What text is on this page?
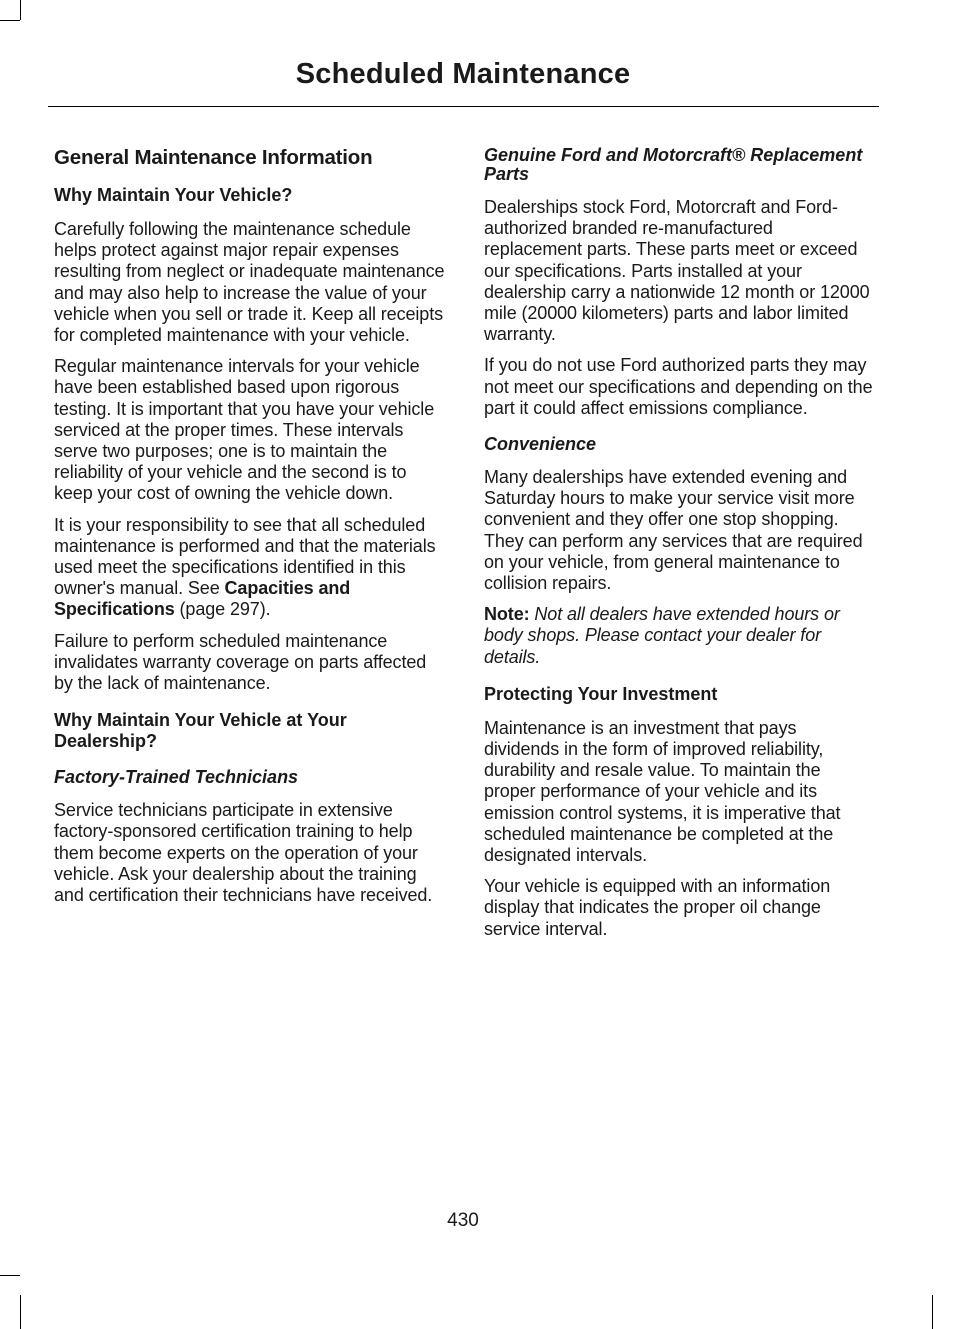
Scheduled Maintenance
General Maintenance Information
Why Maintain Your Vehicle?

Carefully following the maintenance schedule helps protect against major repair expenses resulting from neglect or inadequate maintenance and may also help to increase the value of your vehicle when you sell or trade it. Keep all receipts for completed maintenance with your vehicle.

Regular maintenance intervals for your vehicle have been established based upon rigorous testing. It is important that you have your vehicle serviced at the proper times. These intervals serve two purposes; one is to maintain the reliability of your vehicle and the second is to keep your cost of owning the vehicle down.

It is your responsibility to see that all scheduled maintenance is performed and that the materials used meet the specifications identified in this owner's manual. See Capacities and Specifications (page 297).

Failure to perform scheduled maintenance invalidates warranty coverage on parts affected by the lack of maintenance.

Why Maintain Your Vehicle at Your Dealership?
Factory-Trained Technicians

Service technicians participate in extensive factory-sponsored certification training to help them become experts on the operation of your vehicle. Ask your dealership about the training and certification their technicians have received.

Genuine Ford and Motorcraft® Replacement Parts

Dealerships stock Ford, Motorcraft and Ford-authorized branded re-manufactured replacement parts. These parts meet or exceed our specifications. Parts installed at your dealership carry a nationwide 12 month or 12000 mile (20000 kilometers) parts and labor limited warranty.

If you do not use Ford authorized parts they may not meet our specifications and depending on the part it could affect emissions compliance.

Convenience

Many dealerships have extended evening and Saturday hours to make your service visit more convenient and they offer one stop shopping. They can perform any services that are required on your vehicle, from general maintenance to collision repairs.

Note: Not all dealers have extended hours or body shops. Please contact your dealer for details.

Protecting Your Investment

Maintenance is an investment that pays dividends in the form of improved reliability, durability and resale value. To maintain the proper performance of your vehicle and its emission control systems, it is imperative that scheduled maintenance be completed at the designated intervals.

Your vehicle is equipped with an information display that indicates the proper oil change service interval.

430
